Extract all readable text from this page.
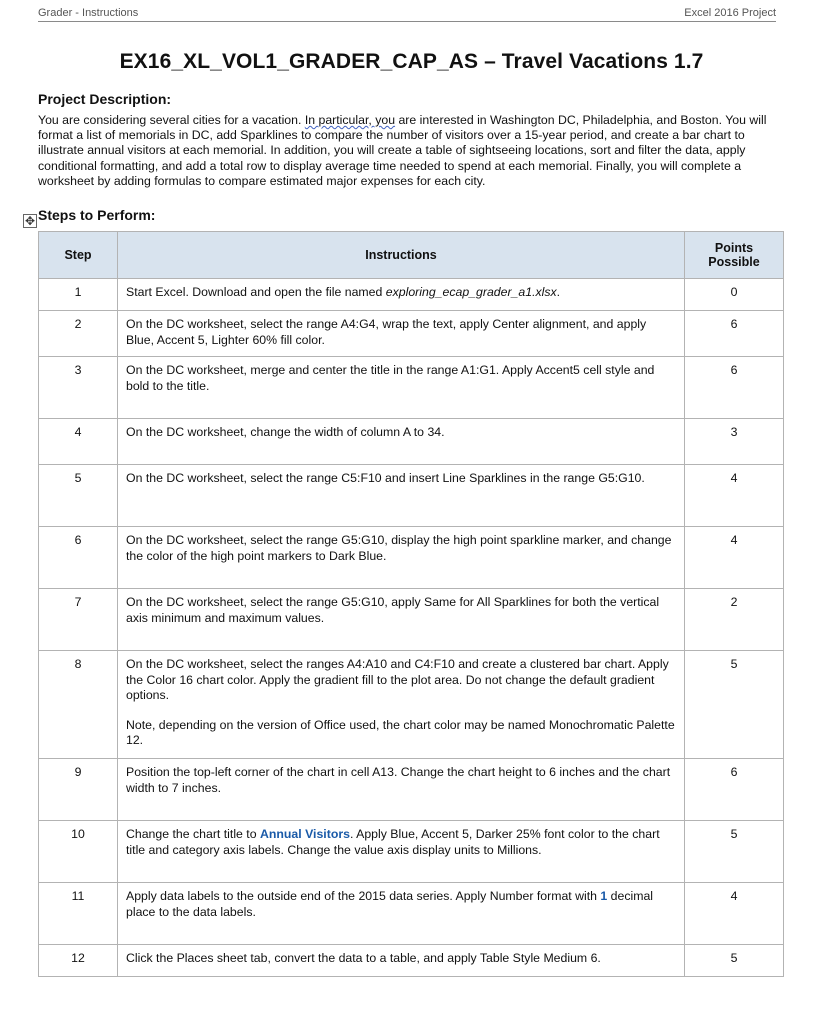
Grader - Instructions	Excel 2016 Project
EX16_XL_VOL1_GRADER_CAP_AS – Travel Vacations 1.7
Project Description:
You are considering several cities for a vacation. In particular, you are interested in Washington DC, Philadelphia, and Boston. You will format a list of memorials in DC, add Sparklines to compare the number of visitors over a 15-year period, and create a bar chart to illustrate annual visitors at each memorial. In addition, you will create a table of sightseeing locations, sort and filter the data, apply conditional formatting, and add a total row to display average time needed to spend at each memorial. Finally, you will complete a worksheet by adding formulas to compare estimated major expenses for each city.
✥ Steps to Perform:
Step	Instructions	Points
Possible
1	Start Excel. Download and open the file named exploring_ecap_grader_a1.xlsx.	0
2	On the DC worksheet, select the range A4:G4, wrap the text, apply Center alignment, and apply Blue, Accent 5, Lighter 60% fill color.	6
3	On the DC worksheet, merge and center the title in the range A1:G1. Apply Accent5 cell style and bold to the title.	6
4	On the DC worksheet, change the width of column A to 34.	3
5	On the DC worksheet, select the range C5:F10 and insert Line Sparklines in the range G5:G10.	4
6	On the DC worksheet, select the range G5:G10, display the high point sparkline marker, and change the color of the high point markers to Dark Blue.	4
7	On the DC worksheet, select the range G5:G10, apply Same for All Sparklines for both the vertical axis minimum and maximum values.	2
8	On the DC worksheet, select the ranges A4:A10 and C4:F10 and create a clustered bar chart. Apply the Color 16 chart color. Apply the gradient fill to the plot area. Do not change the default gradient options.
Note, depending on the version of Office used, the chart color may be named Monochromatic Palette 12.	5
9	Position the top-left corner of the chart in cell A13. Change the chart height to 6 inches and the chart width to 7 inches.	6
10	Change the chart title to Annual Visitors. Apply Blue, Accent 5, Darker 25% font color to the chart title and category axis labels. Change the value axis display units to Millions.	5
11	Apply data labels to the outside end of the 2015 data series. Apply Number format with 1 decimal place to the data labels.	4
12	Click the Places sheet tab, convert the data to a table, and apply Table Style Medium 6.	5
